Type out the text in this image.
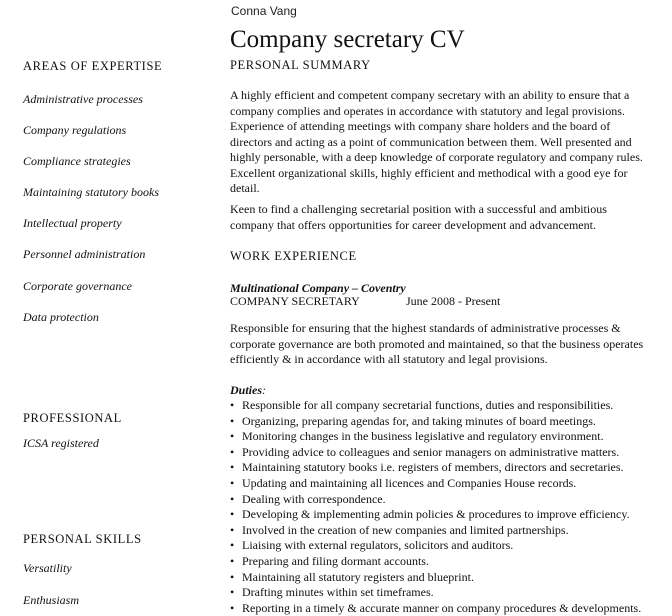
Conna Vang
Company secretary CV
AREAS OF EXPERTISE
Administrative processes
Company regulations
Compliance strategies
Maintaining statutory books
Intellectual property
Personnel administration
Corporate governance
Data protection
PROFESSIONAL
ICSA registered
PERSONAL SKILLS
Versatility
Enthusiasm
PERSONAL SUMMARY
A highly efficient and competent company secretary with an ability to ensure that a company complies and operates in accordance with statutory and legal provisions. Experience of attending meetings with company share holders and the board of directors and acting as a point of communication between them. Well presented and highly personable, with a deep knowledge of corporate regulatory and company rules. Excellent organizational skills, highly efficient and methodical with a good eye for detail.
Keen to find a challenging secretarial position with a successful and ambitious company that offers opportunities for career development and advancement.
WORK EXPERIENCE
Multinational Company – Coventry
COMPANY SECRETARY	June 2008 - Present
Responsible for ensuring that the highest standards of administrative processes & corporate governance are both promoted and maintained, so that the business operates efficiently & in accordance with all statutory and legal provisions.
Duties:
• Responsible for all company secretarial functions, duties and responsibilities.
• Organizing, preparing agendas for, and taking minutes of board meetings.
• Monitoring changes in the business legislative and regulatory environment.
• Providing advice to colleagues and senior managers on administrative matters.
• Maintaining statutory books i.e. registers of members, directors and secretaries.
• Updating and maintaining all licences and Companies House records.
• Dealing with correspondence.
• Developing & implementing admin policies & procedures to improve efficiency.
• Involved in the creation of new companies and limited partnerships.
• Liaising with external regulators, solicitors and auditors.
• Preparing and filing dormant accounts.
• Maintaining all statutory registers and blueprint.
• Drafting minutes within set timeframes.
• Reporting in a timely & accurate manner on company procedures & developments.
